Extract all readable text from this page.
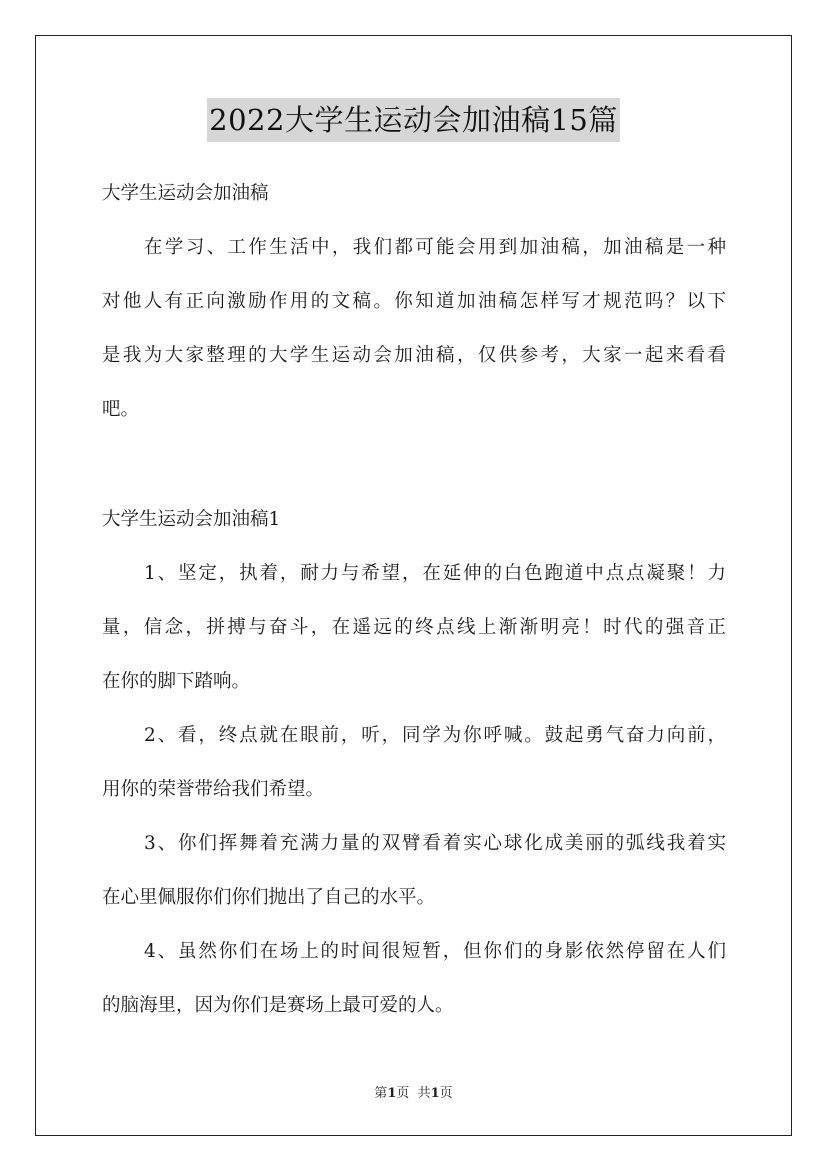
2022大学生运动会加油稿15篇
大学生运动会加油稿
在学习、工作生活中，我们都可能会用到加油稿，加油稿是一种
对他人有正向激励作用的文稿。你知道加油稿怎样写才规范吗？以下
是我为大家整理的大学生运动会加油稿，仅供参考，大家一起来看看
吧。
大学生运动会加油稿1
1、坚定，执着，耐力与希望，在延伸的白色跑道中点点凝聚！力
量，信念，拼搏与奋斗，在遥远的终点线上渐渐明亮！时代的强音正
在你的脚下踏响。
2、看，终点就在眼前，听，同学为你呼喊。鼓起勇气奋力向前，
用你的荣誉带给我们希望。
3、你们挥舞着充满力量的双臂看着实心球化成美丽的弧线我着实
在心里佩服你们你们抛出了自己的水平。
4、虽然你们在场上的时间很短暂，但你们的身影依然停留在人们
的脑海里，因为你们是赛场上最可爱的人。
第1页  共1页
